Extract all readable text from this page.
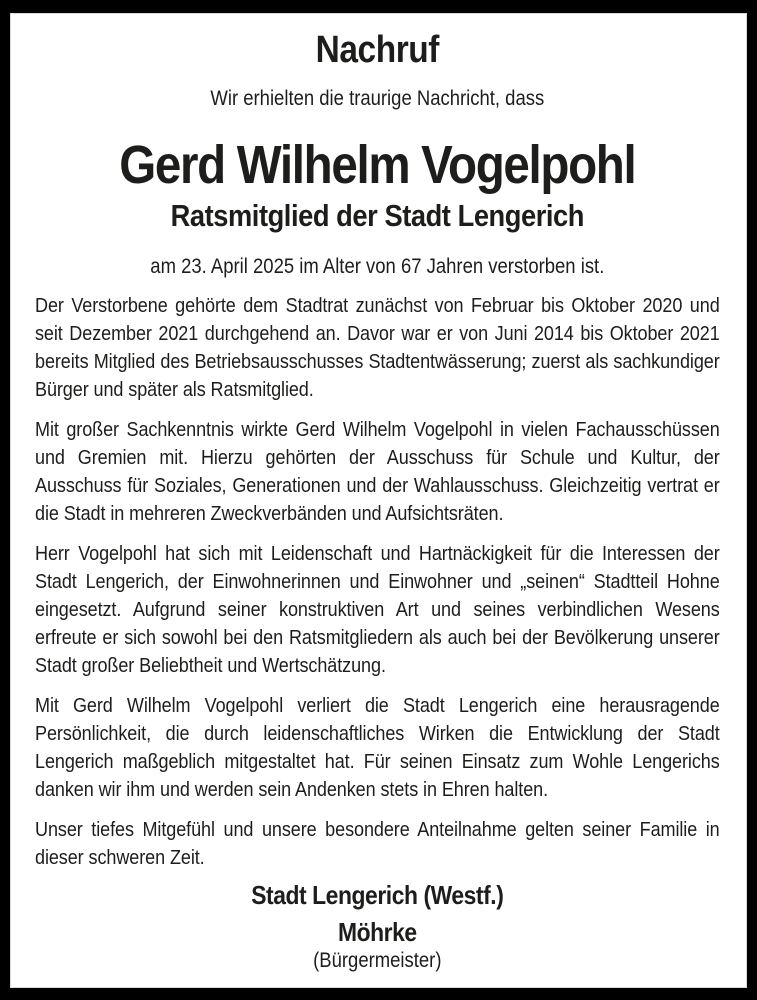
Nachruf
Wir erhielten die traurige Nachricht, dass
Gerd Wilhelm Vogelpohl
Ratsmitglied der Stadt Lengerich
am 23. April 2025 im Alter von 67 Jahren verstorben ist.

Der Verstorbene gehörte dem Stadtrat zunächst von Februar bis Oktober 2020 und seit Dezember 2021 durchgehend an. Davor war er von Juni 2014 bis Oktober 2021 bereits Mitglied des Betriebsausschusses Stadtentwässerung; zuerst als sachkundiger Bürger und später als Ratsmitglied.

Mit großer Sachkenntnis wirkte Gerd Wilhelm Vogelpohl in vielen Fachausschüssen und Gremien mit. Hierzu gehörten der Ausschuss für Schule und Kultur, der Ausschuss für Soziales, Generationen und der Wahlausschuss. Gleichzeitig vertrat er die Stadt in mehreren Zweckverbänden und Aufsichtsräten.

Herr Vogelpohl hat sich mit Leidenschaft und Hartnäckigkeit für die Interessen der Stadt Lengerich, der Einwohnerinnen und Einwohner und „seinen“ Stadtteil Hohne eingesetzt. Aufgrund seiner konstruktiven Art und seines verbindlichen Wesens erfreute er sich sowohl bei den Ratsmitgliedern als auch bei der Bevölkerung unserer Stadt großer Beliebtheit und Wertschätzung.

Mit Gerd Wilhelm Vogelpohl verliert die Stadt Lengerich eine herausragende Persönlichkeit, die durch leidenschaftliches Wirken die Entwicklung der Stadt Lengerich maßgeblich mitgestaltet hat. Für seinen Einsatz zum Wohle Lengerichs danken wir ihm und werden sein Andenken stets in Ehren halten.

Unser tiefes Mitgefühl und unsere besondere Anteilnahme gelten seiner Familie in dieser schweren Zeit.

Stadt Lengerich (Westf.)
Möhrke
(Bürgermeister)
